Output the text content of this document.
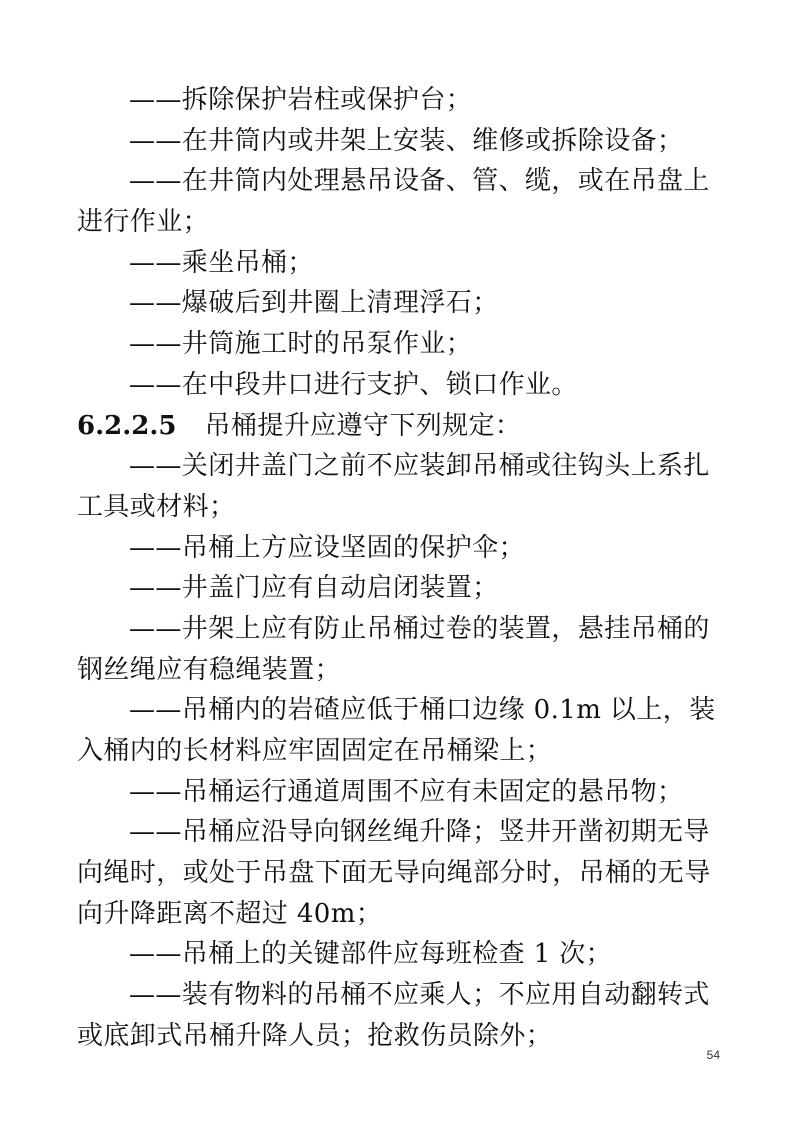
——拆除保护岩柱或保护台；
——在井筒内或井架上安装、维修或拆除设备；
——在井筒内处理悬吊设备、管、缆，或在吊盘上
进行作业；
——乘坐吊桶；
——爆破后到井圈上清理浮石；
——井筒施工时的吊泵作业；
——在中段井口进行支护、锁口作业。
6.2.2.5 吊桶提升应遵守下列规定：
——关闭井盖门之前不应装卸吊桶或往钩头上系扎
工具或材料；
——吊桶上方应设坚固的保护伞；
——井盖门应有自动启闭装置；
——井架上应有防止吊桶过卷的装置，悬挂吊桶的
钢丝绳应有稳绳装置；
——吊桶内的岩碴应低于桶口边缘 0.1m 以上，装
入桶内的长材料应牢固固定在吊桶梁上；
——吊桶运行通道周围不应有未固定的悬吊物；
——吊桶应沿导向钢丝绳升降；竖井开凿初期无导
向绳时，或处于吊盘下面无导向绳部分时，吊桶的无导
向升降距离不超过 40m；
——吊桶上的关键部件应每班检查 1 次；
——装有物料的吊桶不应乘人；不应用自动翻转式
或底卸式吊桶升降人员；抢救伤员除外；
54
